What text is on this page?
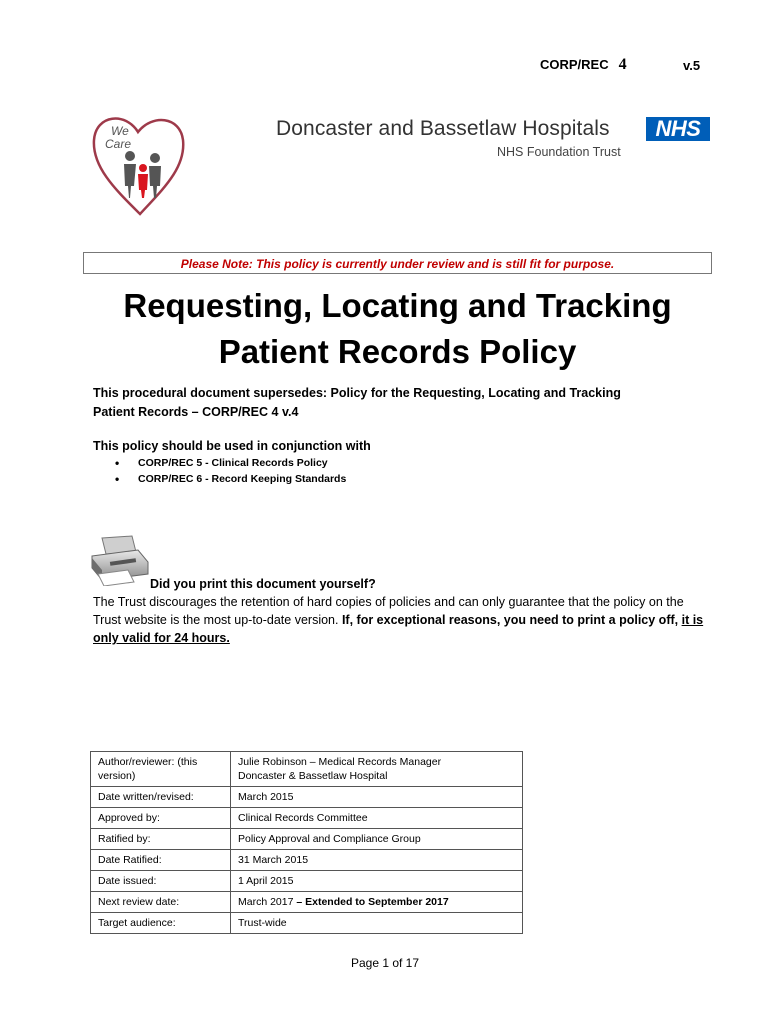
CORP/REC 4	v.5
We
Care
Doncaster and Bassetlaw Hospitals
NHS Foundation Trust
NHS
Please Note: This policy is currently under review and is still fit for purpose.
Requesting, Locating and Tracking
Patient Records Policy
This procedural document supersedes: Policy for the Requesting, Locating and Tracking
Patient Records – CORP/REC 4 v.4
This policy should be used in conjunction with
• CORP/REC 5 - Clinical Records Policy
• CORP/REC 6 - Record Keeping Standards
Did you print this document yourself?
The Trust discourages the retention of hard copies of policies and can only guarantee that the policy on the Trust website is the most up-to-date version. If, for exceptional reasons, you need to print a policy off, it is only valid for 24 hours.
Author/reviewer: (this version)	Julie Robinson – Medical Records Manager
Doncaster & Bassetlaw Hospital
Date written/revised:	March 2015
Approved by:	Clinical Records Committee
Ratified by:	Policy Approval and Compliance Group
Date Ratified:	31 March 2015
Date issued:	1 April 2015
Next review date:	March 2017 – Extended to September 2017
Target audience:	Trust-wide
Page 1 of 17
